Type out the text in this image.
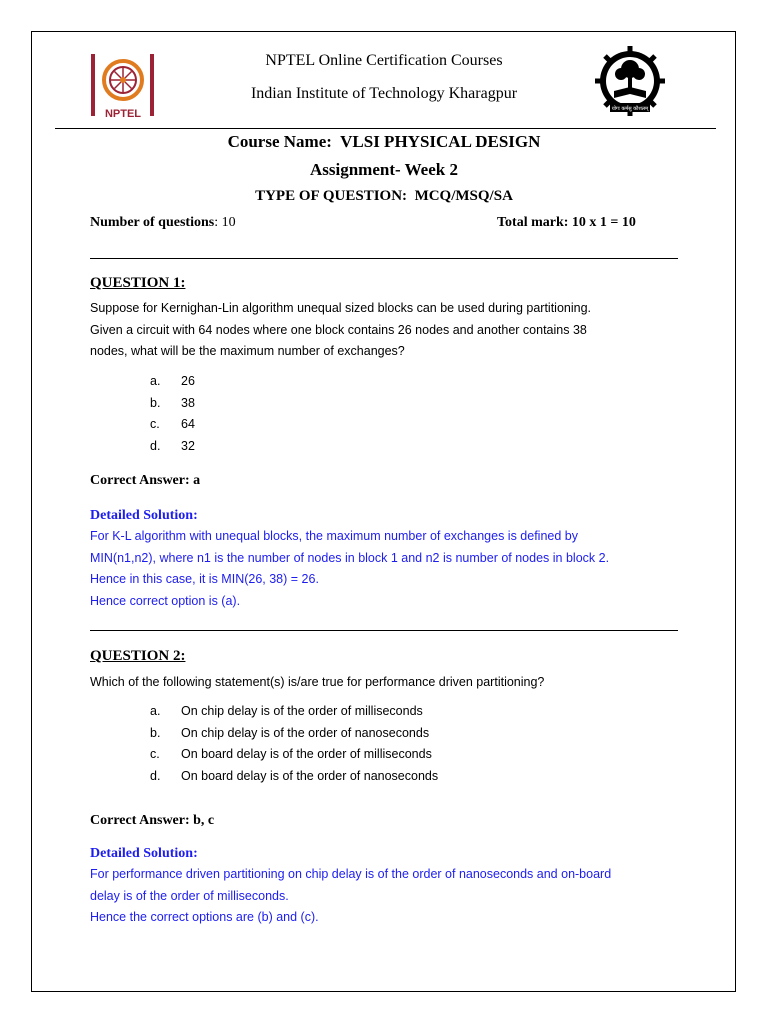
NPTEL	योगः कर्मसु कौशलम्
NPTEL Online Certification Courses
Indian Institute of Technology Kharagpur
Course Name: VLSI PHYSICAL DESIGN
Assignment- Week 2
TYPE OF QUESTION: MCQ/MSQ/SA
Number of questions: 10	Total mark: 10 x 1 = 10
QUESTION 1:
Suppose for Kernighan-Lin algorithm unequal sized blocks can be used during partitioning.
Given a circuit with 64 nodes where one block contains 26 nodes and another contains 38
nodes, what will be the maximum number of exchanges?
a.	26
b.	38
c.	64
d.	32
Correct Answer: a
Detailed Solution:
For K-L algorithm with unequal blocks, the maximum number of exchanges is defined by
MIN(n1,n2), where n1 is the number of nodes in block 1 and n2 is number of nodes in block 2.
Hence in this case, it is MIN(26, 38) = 26.
Hence correct option is (a).
QUESTION 2:
Which of the following statement(s) is/are true for performance driven partitioning?
a.	On chip delay is of the order of milliseconds
b.	On chip delay is of the order of nanoseconds
c.	On board delay is of the order of milliseconds
d.	On board delay is of the order of nanoseconds
Correct Answer: b, c
Detailed Solution:
For performance driven partitioning on chip delay is of the order of nanoseconds and on-board
delay is of the order of milliseconds.
Hence the correct options are (b) and (c).
